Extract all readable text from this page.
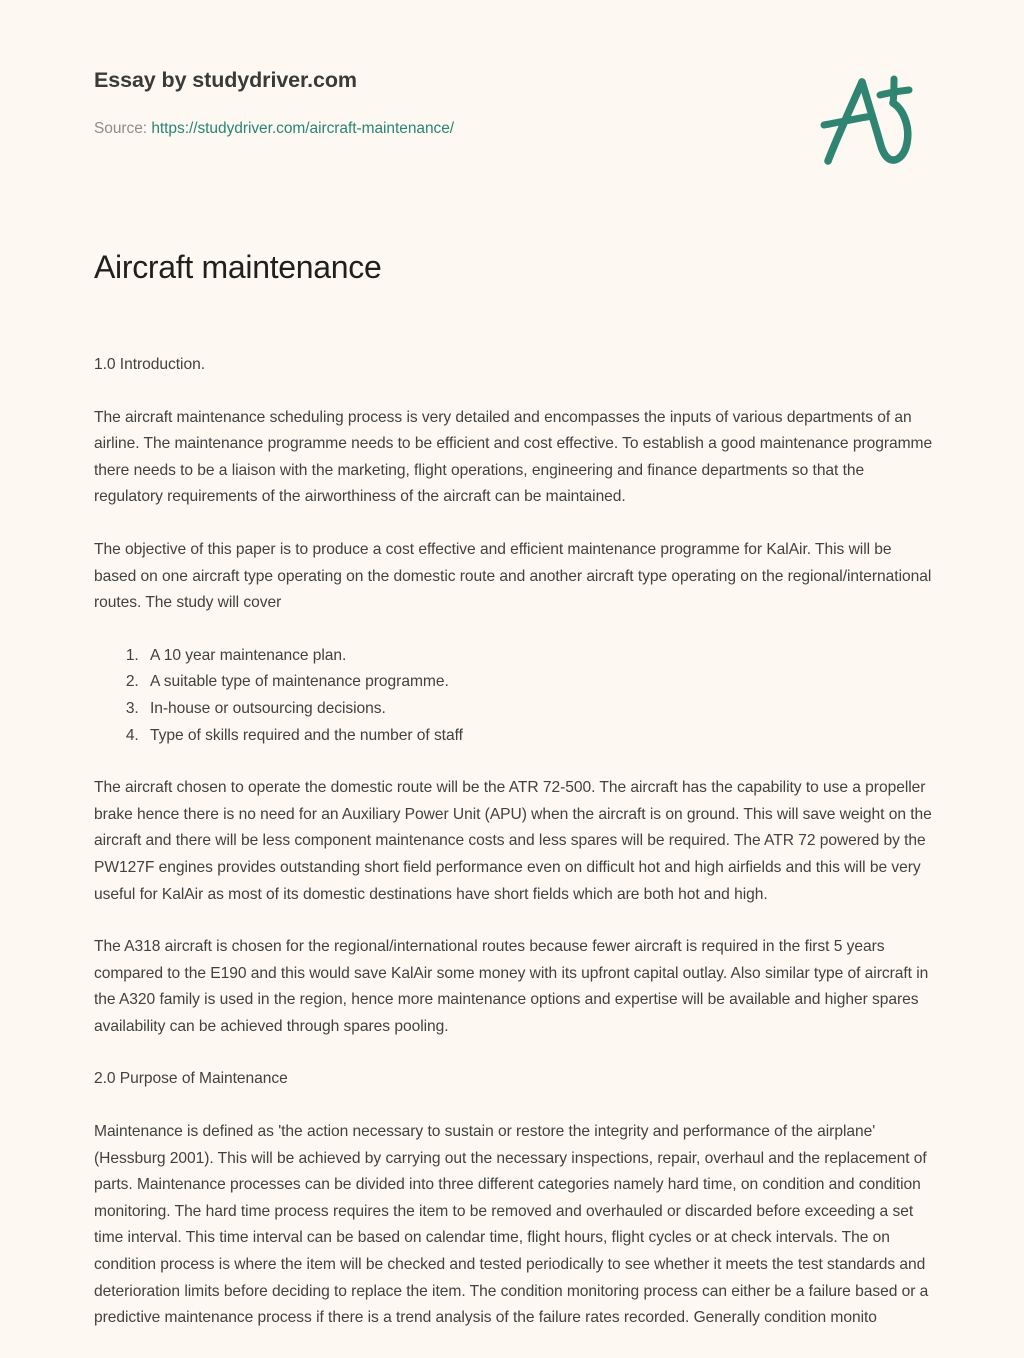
Essay by studydriver.com
Source: https://studydriver.com/aircraft-maintenance/
Aircraft maintenance

1.0 Introduction.

The aircraft maintenance scheduling process is very detailed and encompasses the inputs of various departments of an airline. The maintenance programme needs to be efficient and cost effective. To establish a good maintenance programme there needs to be a liaison with the marketing, flight operations, engineering and finance departments so that the regulatory requirements of the airworthiness of the aircraft can be maintained.

The objective of this paper is to produce a cost effective and efficient maintenance programme for KalAir. This will be based on one aircraft type operating on the domestic route and another aircraft type operating on the regional/international routes. The study will cover

1. A 10 year maintenance plan.
2. A suitable type of maintenance programme.
3. In-house or outsourcing decisions.
4. Type of skills required and the number of staff

The aircraft chosen to operate the domestic route will be the ATR 72-500. The aircraft has the capability to use a propeller brake hence there is no need for an Auxiliary Power Unit (APU) when the aircraft is on ground. This will save weight on the aircraft and there will be less component maintenance costs and less spares will be required. The ATR 72 powered by the PW127F engines provides outstanding short field performance even on difficult hot and high airfields and this will be very useful for KalAir as most of its domestic destinations have short fields which are both hot and high.

The A318 aircraft is chosen for the regional/international routes because fewer aircraft is required in the first 5 years compared to the E190 and this would save KalAir some money with its upfront capital outlay. Also similar type of aircraft in the A320 family is used in the region, hence more maintenance options and expertise will be available and higher spares availability can be achieved through spares pooling.

2.0 Purpose of Maintenance

Maintenance is defined as 'the action necessary to sustain or restore the integrity and performance of the airplane' (Hessburg 2001). This will be achieved by carrying out the necessary inspections, repair, overhaul and the replacement of parts. Maintenance processes can be divided into three different categories namely hard time, on condition and condition monitoring. The hard time process requires the item to be removed and overhauled or discarded before exceeding a set time interval. This time interval can be based on calendar time, flight hours, flight cycles or at check intervals. The on condition process is where the item will be checked and tested periodically to see whether it meets the test standards and deterioration limits before deciding to replace the item. The condition monitoring process can either be a failure based or a predictive maintenance process if there is a trend analysis of the failure rates recorded. Generally condition monito
